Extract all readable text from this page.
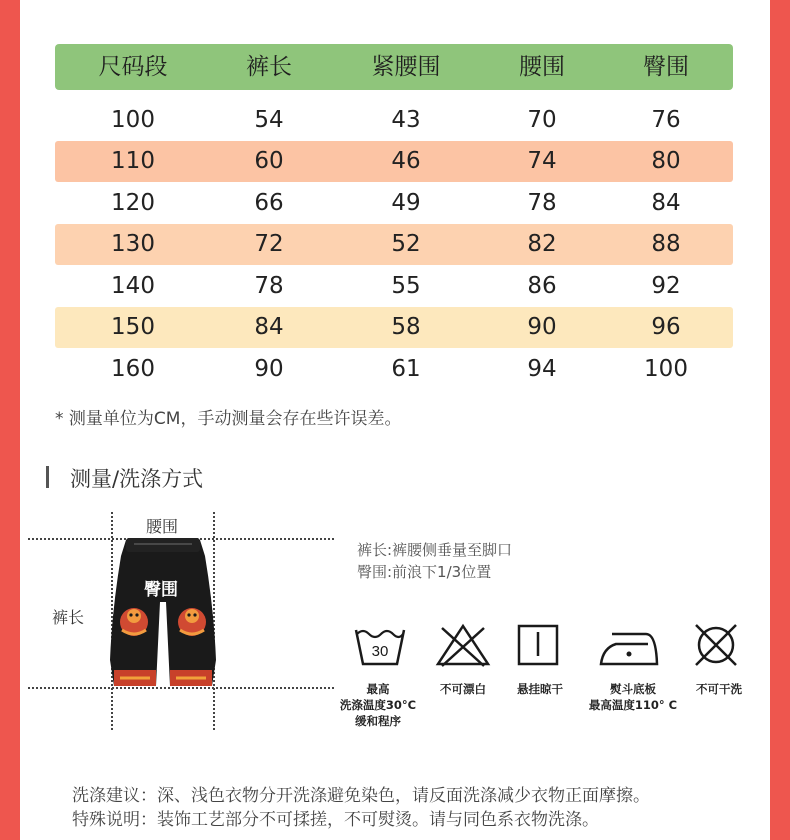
尺码段	裤长	紧腰围	腰围	臀围
100	54	43	70	76
110	60	46	74	80
120	66	49	78	84
130	72	52	82	88
140	78	55	86	92
150	84	58	90	96
160	90	61	94	100
* 测量单位为CM，手动测量会存在些许误差。
测量/洗涤方式
腰围
臀围
裤长
裤长:裤腰侧垂量至脚口
臀围:前浪下1/3位置
30
最高
洗涤温度30°C
缓和程序
不可漂白	悬挂晾干	熨斗底板
最高温度110° C
不可干洗
洗涤建议：深、浅色衣物分开洗涤避免染色，请反面洗涤减少衣物正面摩擦。
特殊说明：装饰工艺部分不可揉搓，不可熨烫。请与同色系衣物洗涤。
